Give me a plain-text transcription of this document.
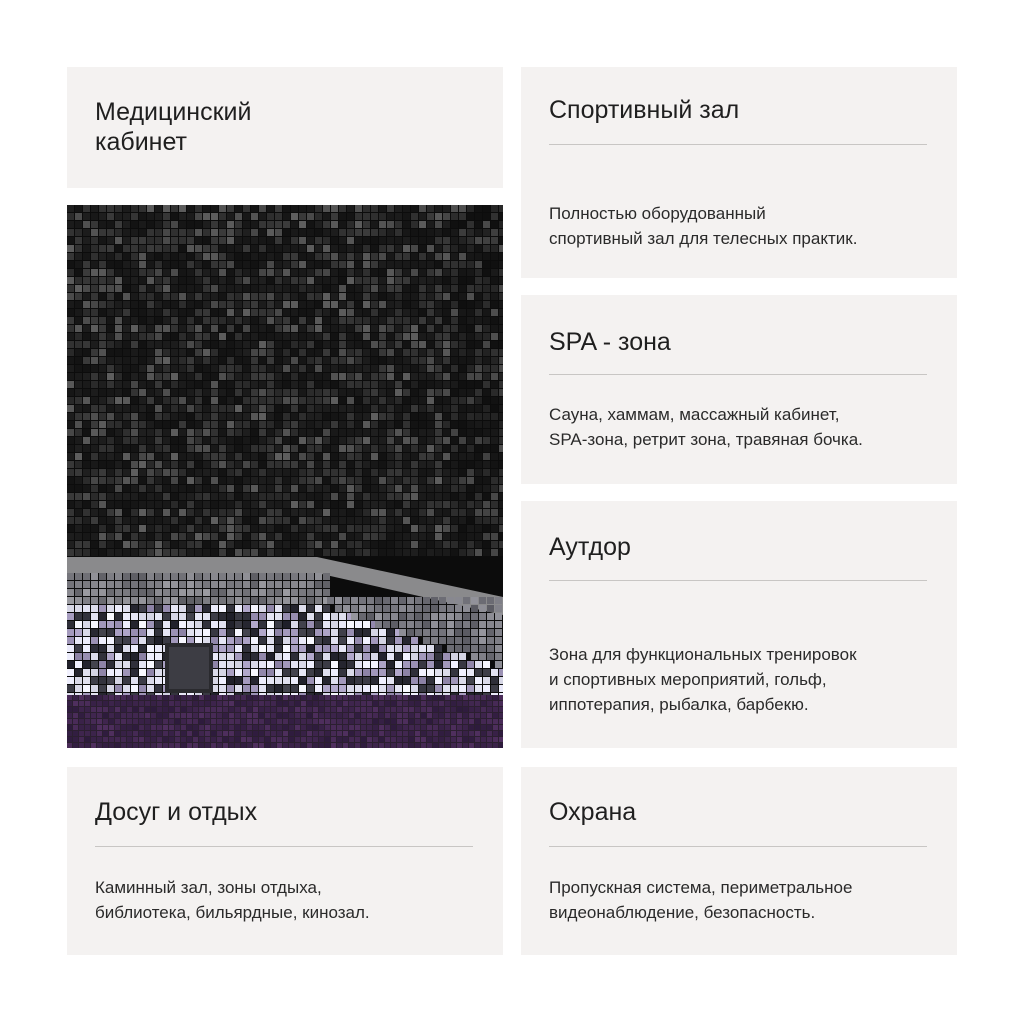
Медицинский
кабинет
Спортивный зал
Полностью оборудованный
спортивный зал для телесных практик.
SPA - зона
Сауна, хаммам, массажный кабинет,
SPA-зона, ретрит зона, травяная бочка.
Аутдор
Зона для функциональных тренировок
и спортивных мероприятий, гольф,
иппотерапия, рыбалка, барбекю.
Досуг и отдых
Каминный зал, зоны отдыха,
библиотека, бильярдные, кинозал.
Охрана
Пропускная система, периметральное
видеонаблюдение, безопасность.
